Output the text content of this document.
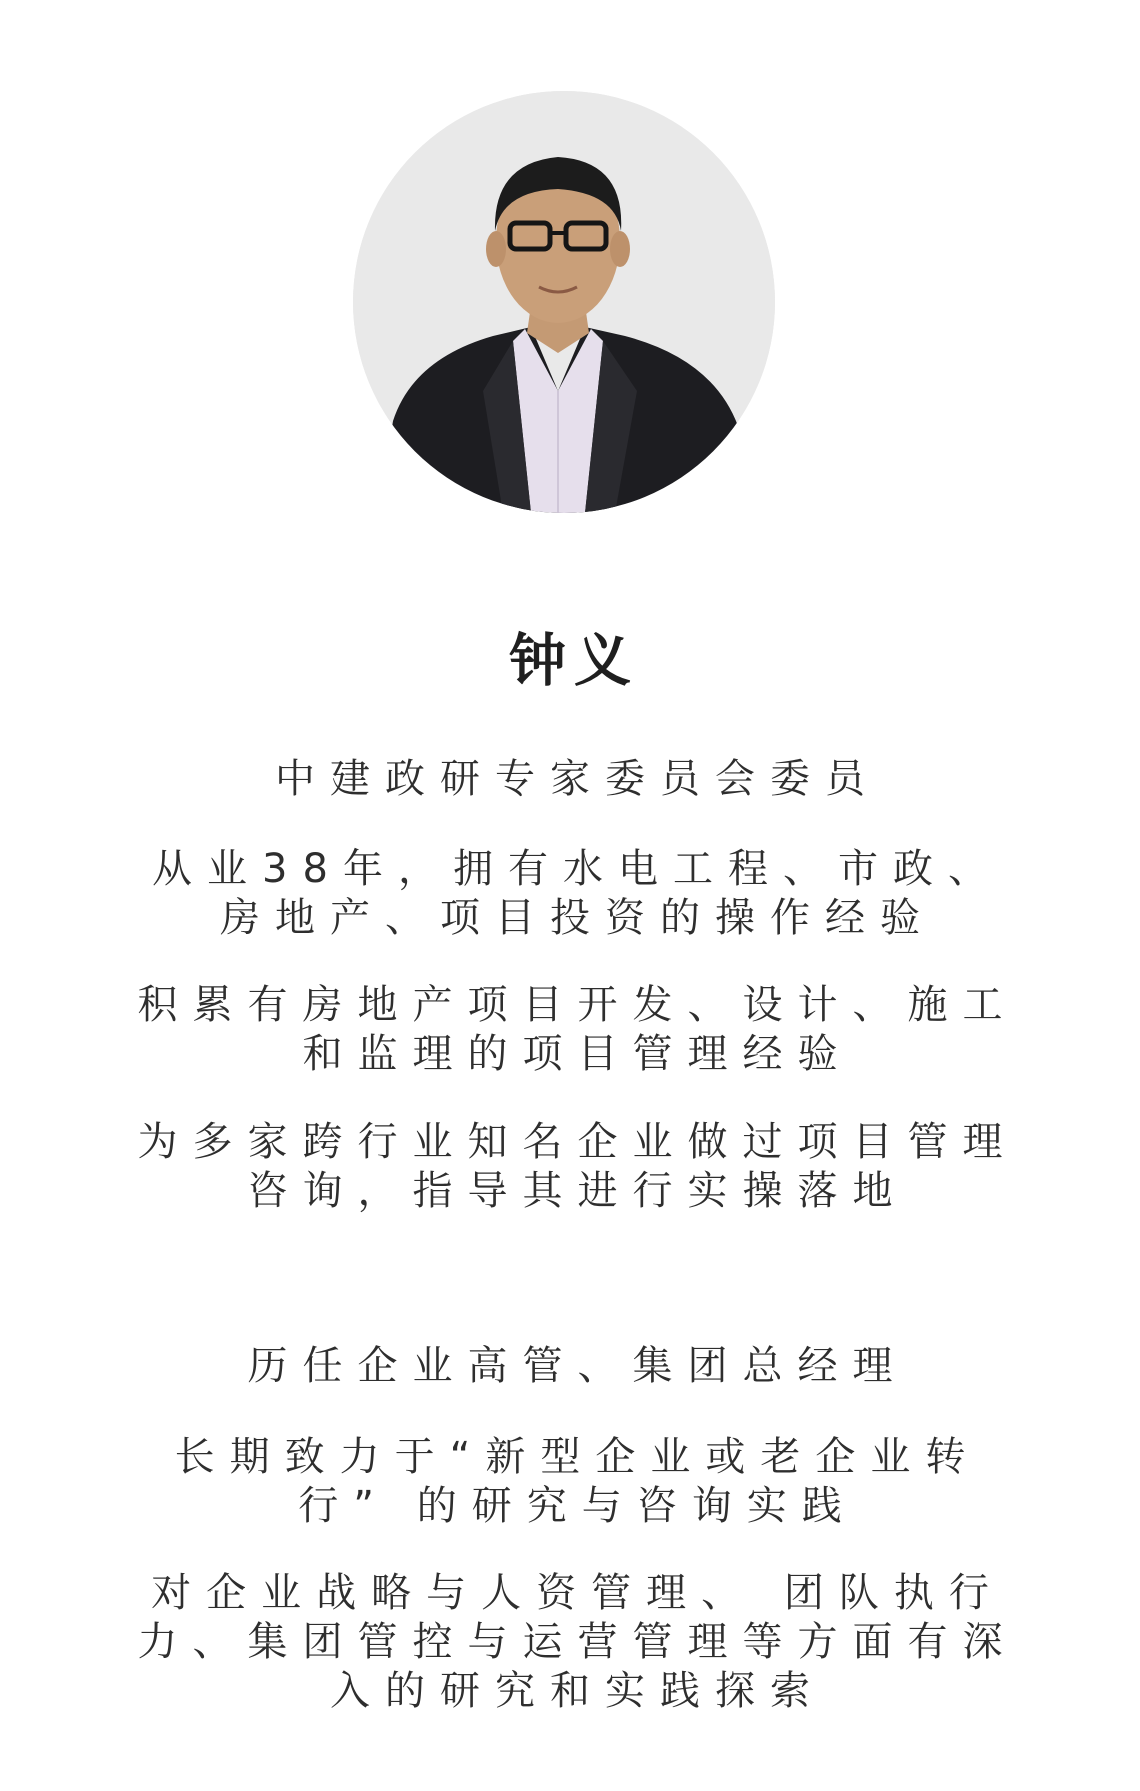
钟义
中建政研专家委员会委员
从业38年，拥有水电工程、市政、
房地产、项目投资的操作经验
积累有房地产项目开发、设计、施工
和监理的项目管理经验
为多家跨行业知名企业做过项目管理
咨询，指导其进行实操落地
历任企业高管、集团总经理
长期致力于“新型企业或老企业转
行” 的研究与咨询实践
对企业战略与人资管理、 团队执行
力、集团管控与运营管理等方面有深
入的研究和实践探索
